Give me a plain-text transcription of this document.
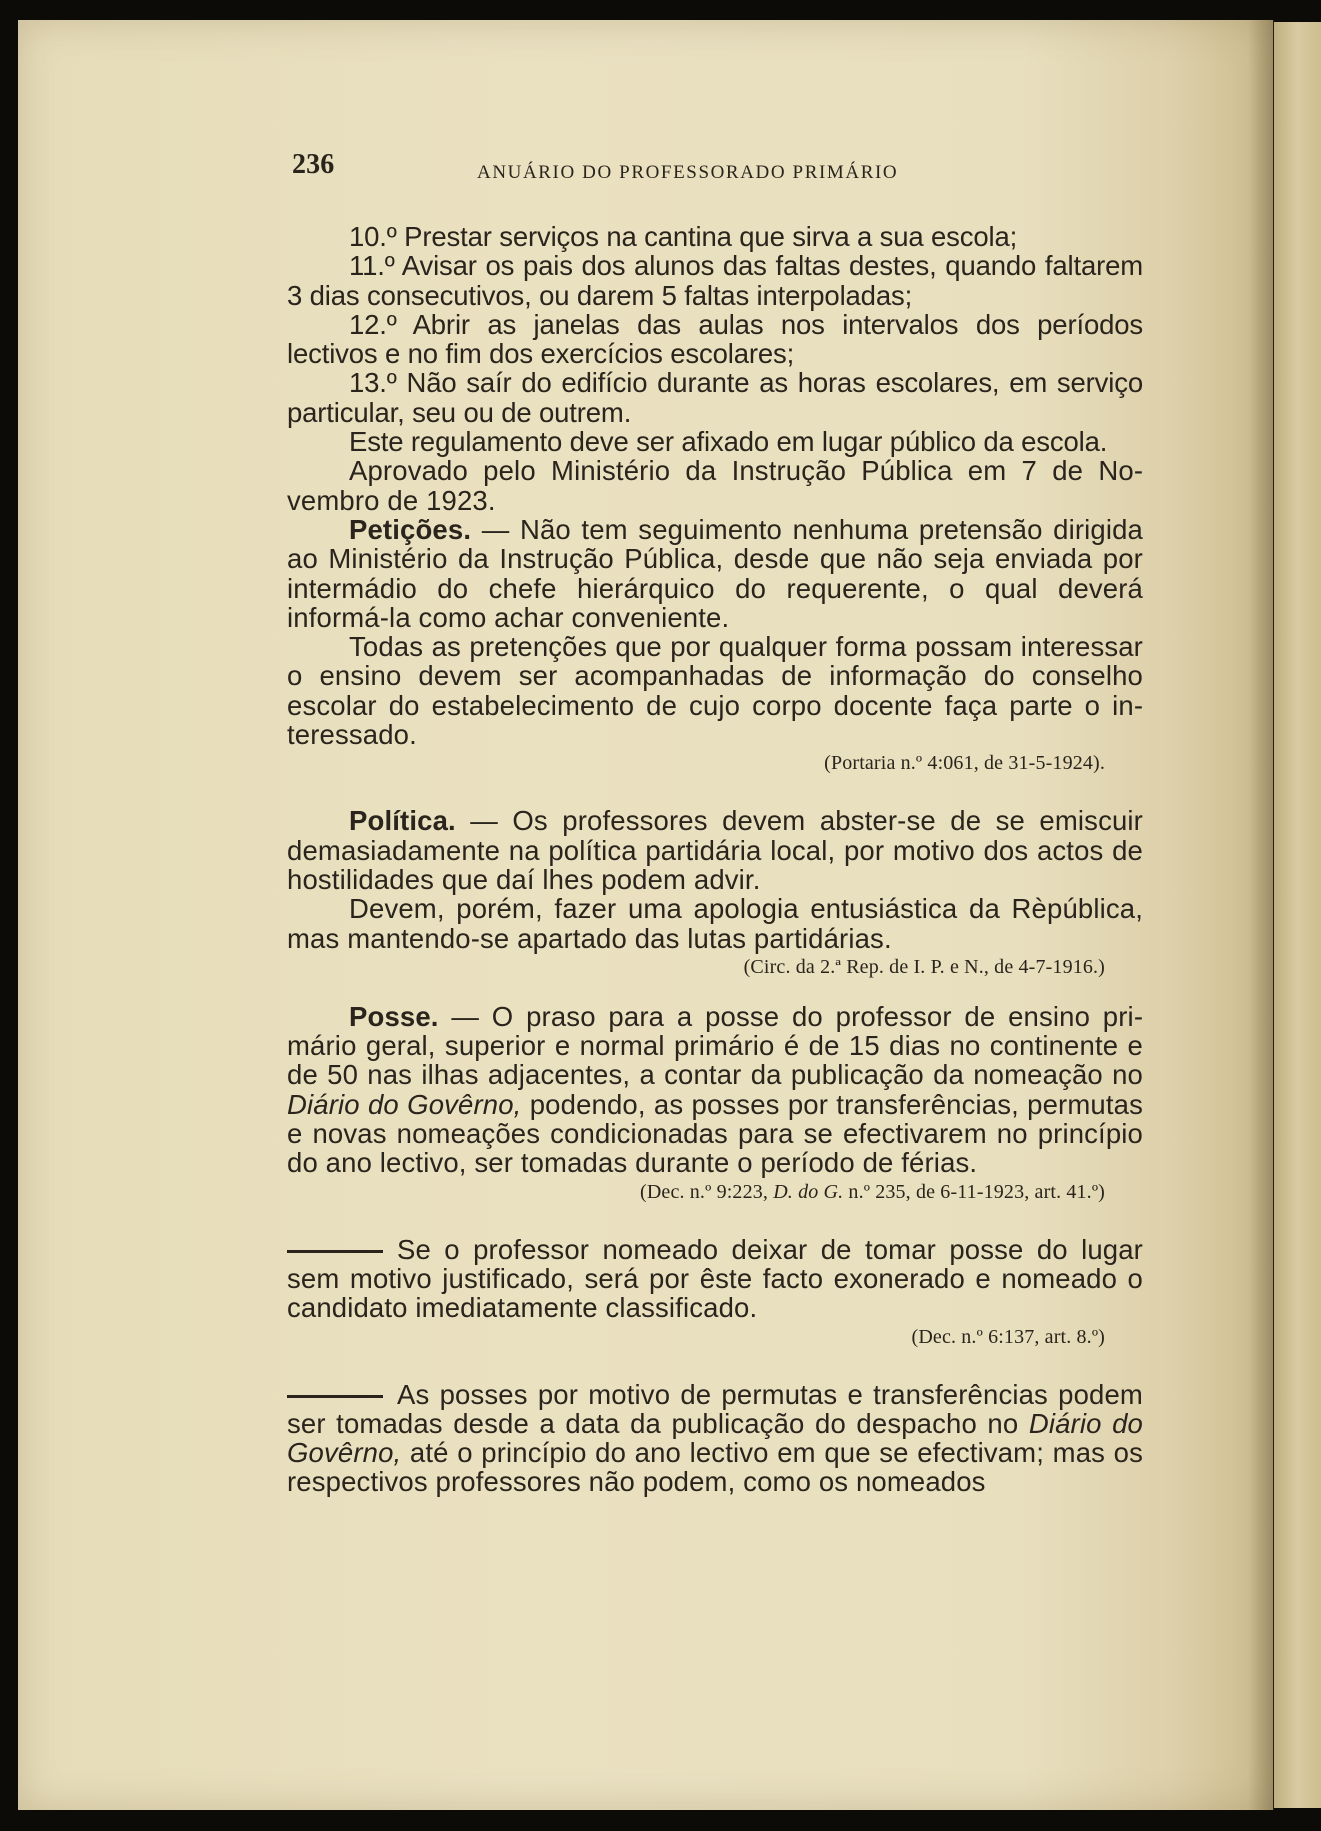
236	ANUÁRIO DO PROFESSORADO PRIMÁRIO

10.º Prestar serviços na cantina que sirva a sua escola;

11.º Avisar os pais dos alunos das faltas destes, quando faltarem 3 dias consecutivos, ou darem 5 faltas interpoladas;

12.º Abrir as janelas das aulas nos intervalos dos períodos lectivos e no fim dos exercícios escolares;

13.º Não saír do edifício durante as horas escolares, em serviço particular, seu ou de outrem.

Este regulamento deve ser afixado em lugar público da escola.

Aprovado pelo Ministério da Instrução Pública em 7 de Novembro de 1923.

Petições. — Não tem seguimento nenhuma pretensão dirigida ao Ministério da Instrução Pública, desde que não seja enviada por intermádio do chefe hierárquico do requerente, o qual deverá informá-la como achar conveniente.

Todas as pretenções que por qualquer forma possam interessar o ensino devem ser acompanhadas de informação do conselho escolar do estabelecimento de cujo corpo docente faça parte o interessado.

(Portaria n.º 4:061, de 31-5-1924).

Política. — Os professores devem abster-se de se emiscuir demasiadamente na política partidária local, por motivo dos actos de hostilidades que daí lhes podem advir.

Devem, porém, fazer uma apologia entusiástica da Rèpública, mas mantendo-se apartado das lutas partidárias.

(Circ. da 2.ª Rep. de I. P. e N., de 4-7-1916.)

Posse. — O praso para a posse do professor de ensino primário geral, superior e normal primário é de 15 dias no continente e de 50 nas ilhas adjacentes, a contar da publicação da nomeação no Diário do Govêrno, podendo, as posses por transferências, permutas e novas nomeações condicionadas para se efectivarem no princípio do ano lectivo, ser tomadas durante o período de férias.

(Dec. n.º 9:223, D. do G. n.º 235, de 6-11-1923, art. 41.º)

Se o professor nomeado deixar de tomar posse do lugar sem motivo justificado, será por êste facto exonerado e nomeado o candidato imediatamente classificado.

(Dec. n.º 6:137, art. 8.º)

As posses por motivo de permutas e transferências podem ser tomadas desde a data da publicação do despacho no Diário do Govêrno, até o princípio do ano lectivo em que se efectivam; mas os respectivos professores não podem, como os nomeados
